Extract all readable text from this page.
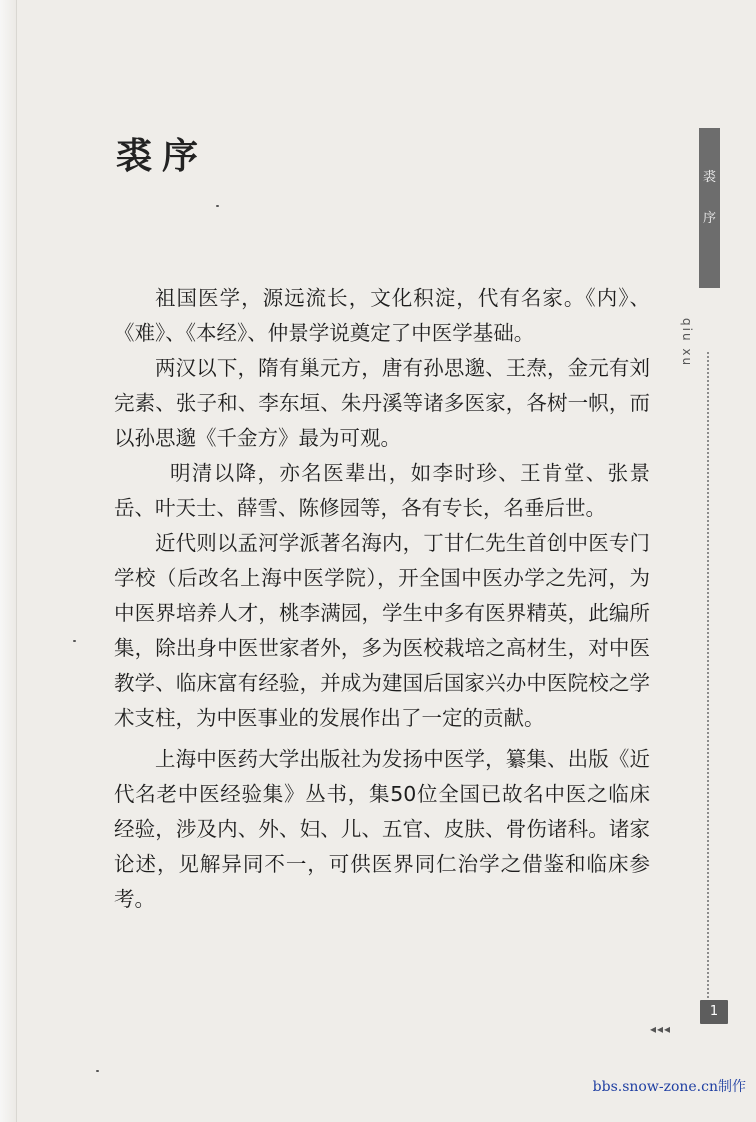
裘序

祖国医学，源远流长，文化积淀，代有名家。《内》、《难》、《本经》、仲景学说奠定了中医学基础。

两汉以下，隋有巢元方，唐有孙思邈、王焘，金元有刘完素、张子和、李东垣、朱丹溪等诸多医家，各树一帜，而以孙思邈《千金方》最为可观。

明清以降，亦名医辈出，如李时珍、王肯堂、张景岳、叶天士、薛雪、陈修园等，各有专长，名垂后世。

近代则以孟河学派著名海内，丁甘仁先生首创中医专门学校（后改名上海中医学院），开全国中医办学之先河，为中医界培养人才，桃李满园，学生中多有医界精英，此编所集，除出身中医世家者外，多为医校栽培之高材生，对中医教学、临床富有经验，并成为建国后国家兴办中医院校之学术支柱，为中医事业的发展作出了一定的贡献。

上海中医药大学出版社为发扬中医学，纂集、出版《近代名老中医经验集》丛书，集50位全国已故名中医之临床经验，涉及内、外、妇、儿、五官、皮肤、骨伤诸科。诸家论述，见解异同不一，可供医界同仁治学之借鉴和临床参考。

裘
序
qiu xu
1
◂◂◂
bbs.snow-zone.cn制作
